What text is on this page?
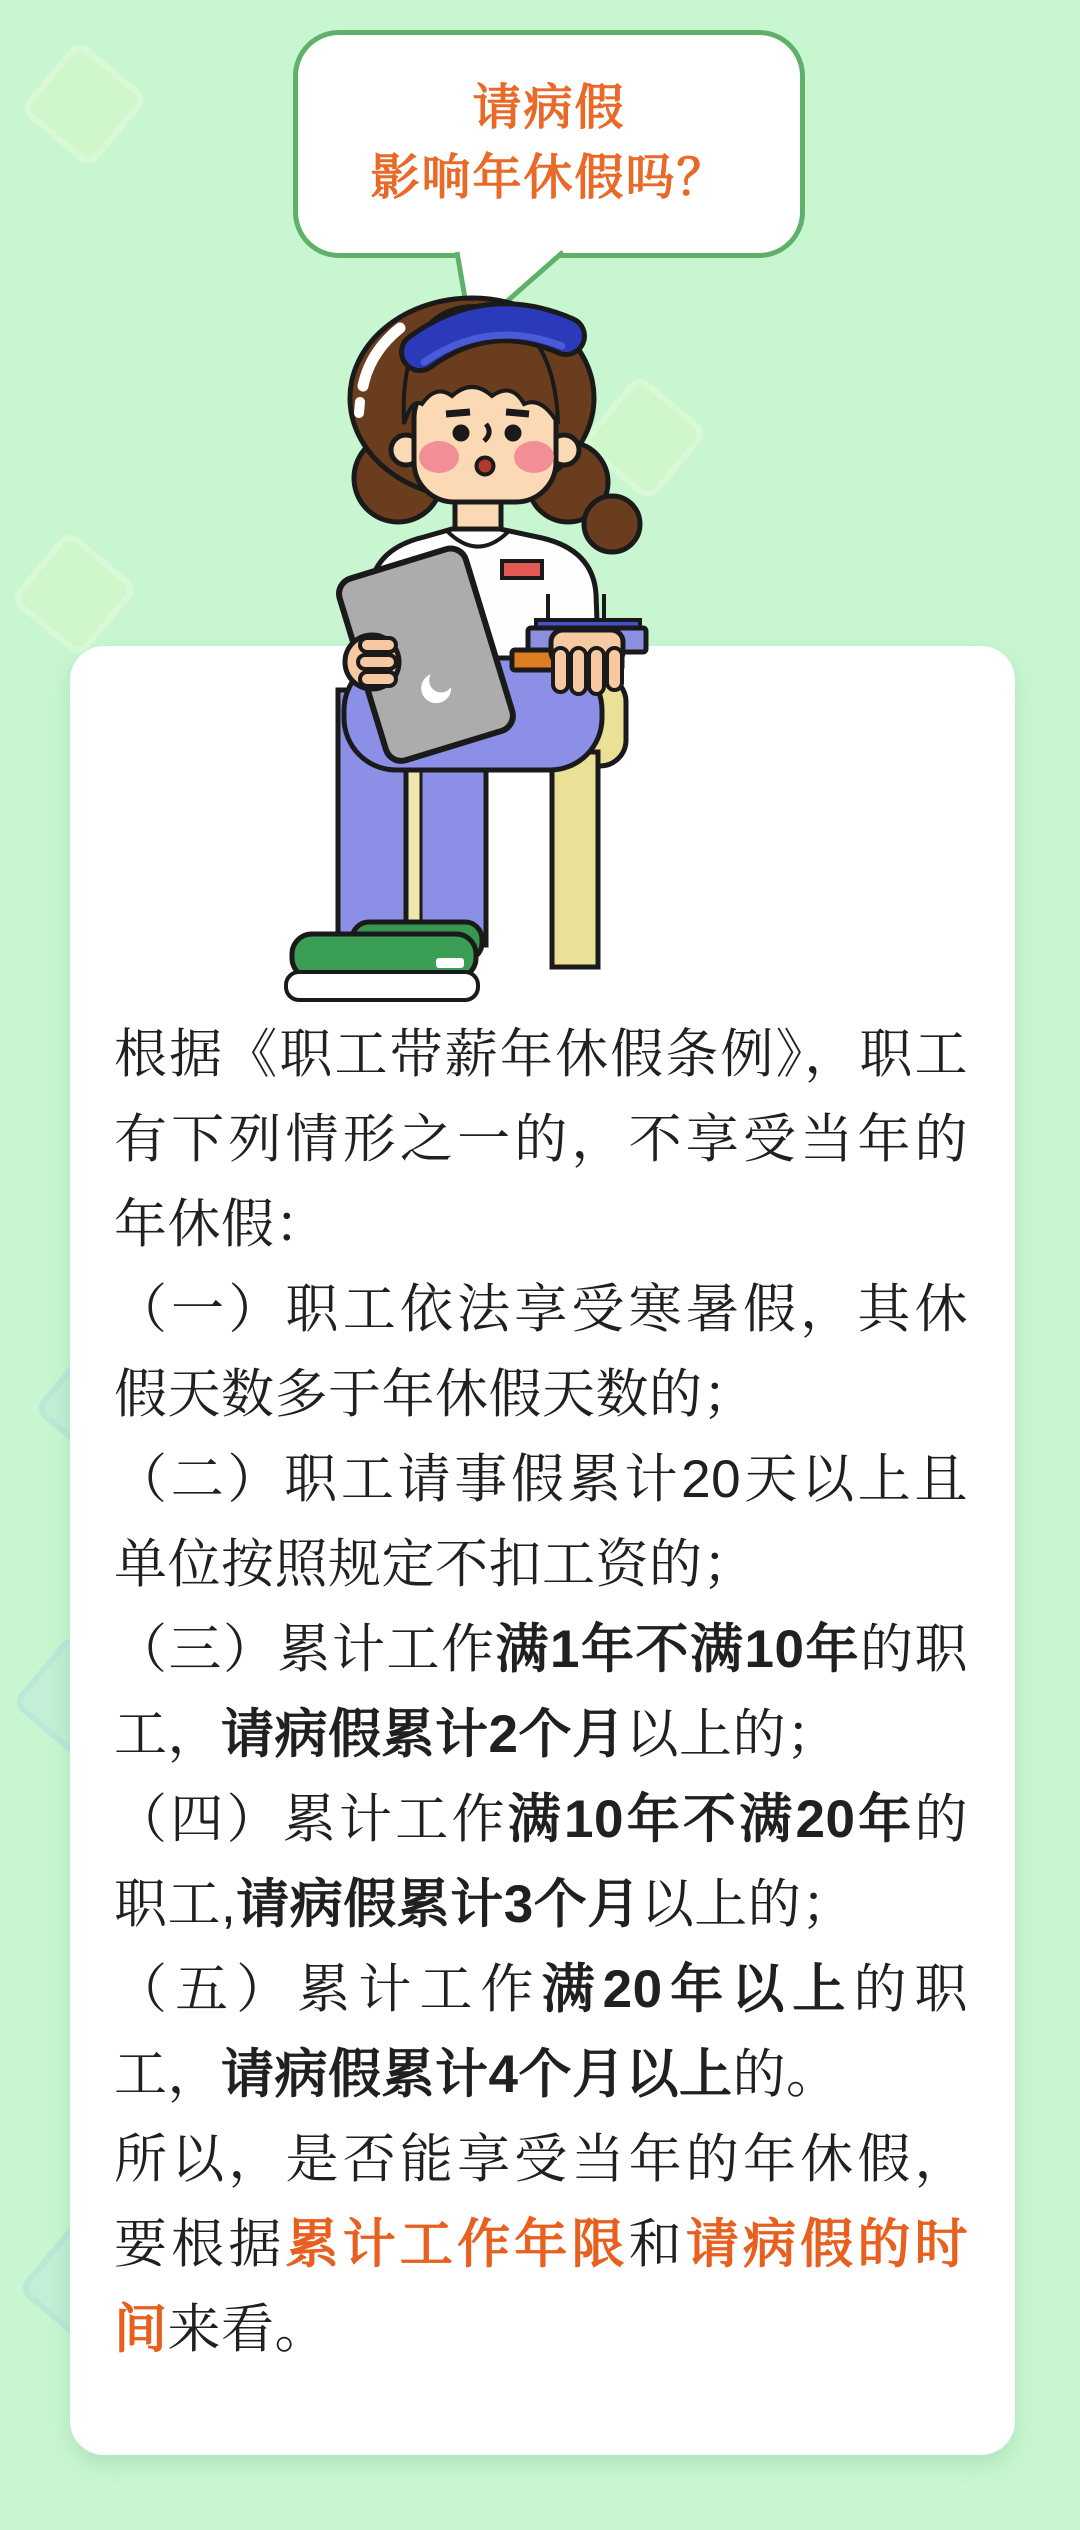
请病假
影响年休假吗？

根据《职工带薪年休假条例》，职工有下列情形之一的，不享受当年的年休假：

（一）职工依法享受寒暑假，其休假天数多于年休假天数的；

（二）职工请事假累计20天以上且单位按照规定不扣工资的；

（三）累计工作满1年不满10年的职工，请病假累计2个月以上的；

（四）累计工作满10年不满20年的职工,请病假累计3个月以上的；

（五）累计工作满20年以上的职工，请病假累计4个月以上的。

所以，是否能享受当年的年休假，要根据累计工作年限和请病假的时间来看。
